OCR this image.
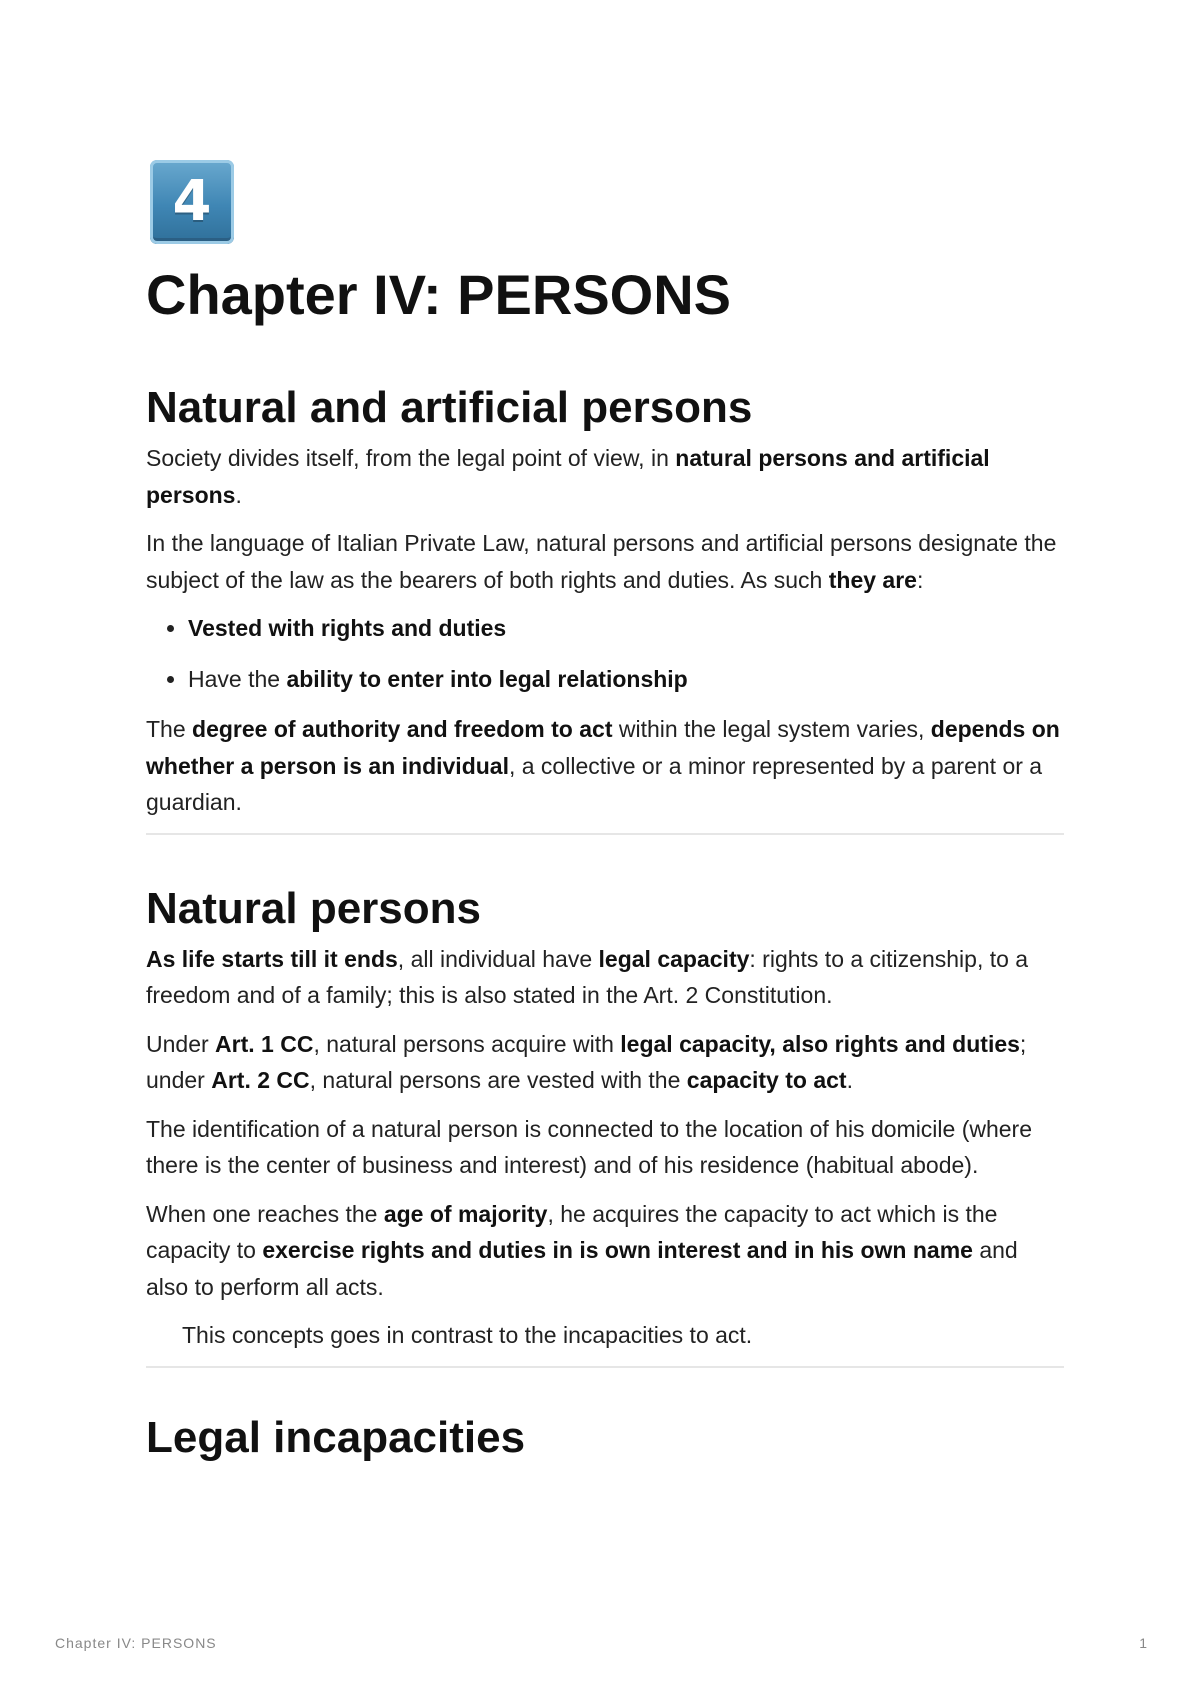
4
Chapter IV: PERSONS
Natural and artificial persons

Society divides itself, from the legal point of view, in natural persons and artificial persons.

In the language of Italian Private Law, natural persons and artificial persons designate the subject of the law as the bearers of both rights and duties. As such they are:

• Vested with rights and duties
• Have the ability to enter into legal relationship

The degree of authority and freedom to act within the legal system varies, depends on whether a person is an individual, a collective or a minor represented by a parent or a guardian.

Natural persons

As life starts till it ends, all individual have legal capacity: rights to a citizenship, to a freedom and of a family; this is also stated in the Art. 2 Constitution.

Under Art. 1 CC, natural persons acquire with legal capacity, also rights and duties; under Art. 2 CC, natural persons are vested with the capacity to act.

The identification of a natural person is connected to the location of his domicile (where there is the center of business and interest) and of his residence (habitual abode).

When one reaches the age of majority, he acquires the capacity to act which is the capacity to exercise rights and duties in is own interest and in his own name and also to perform all acts.

This concepts goes in contrast to the incapacities to act.

Legal incapacities
Chapter IV: PERSONS	1
